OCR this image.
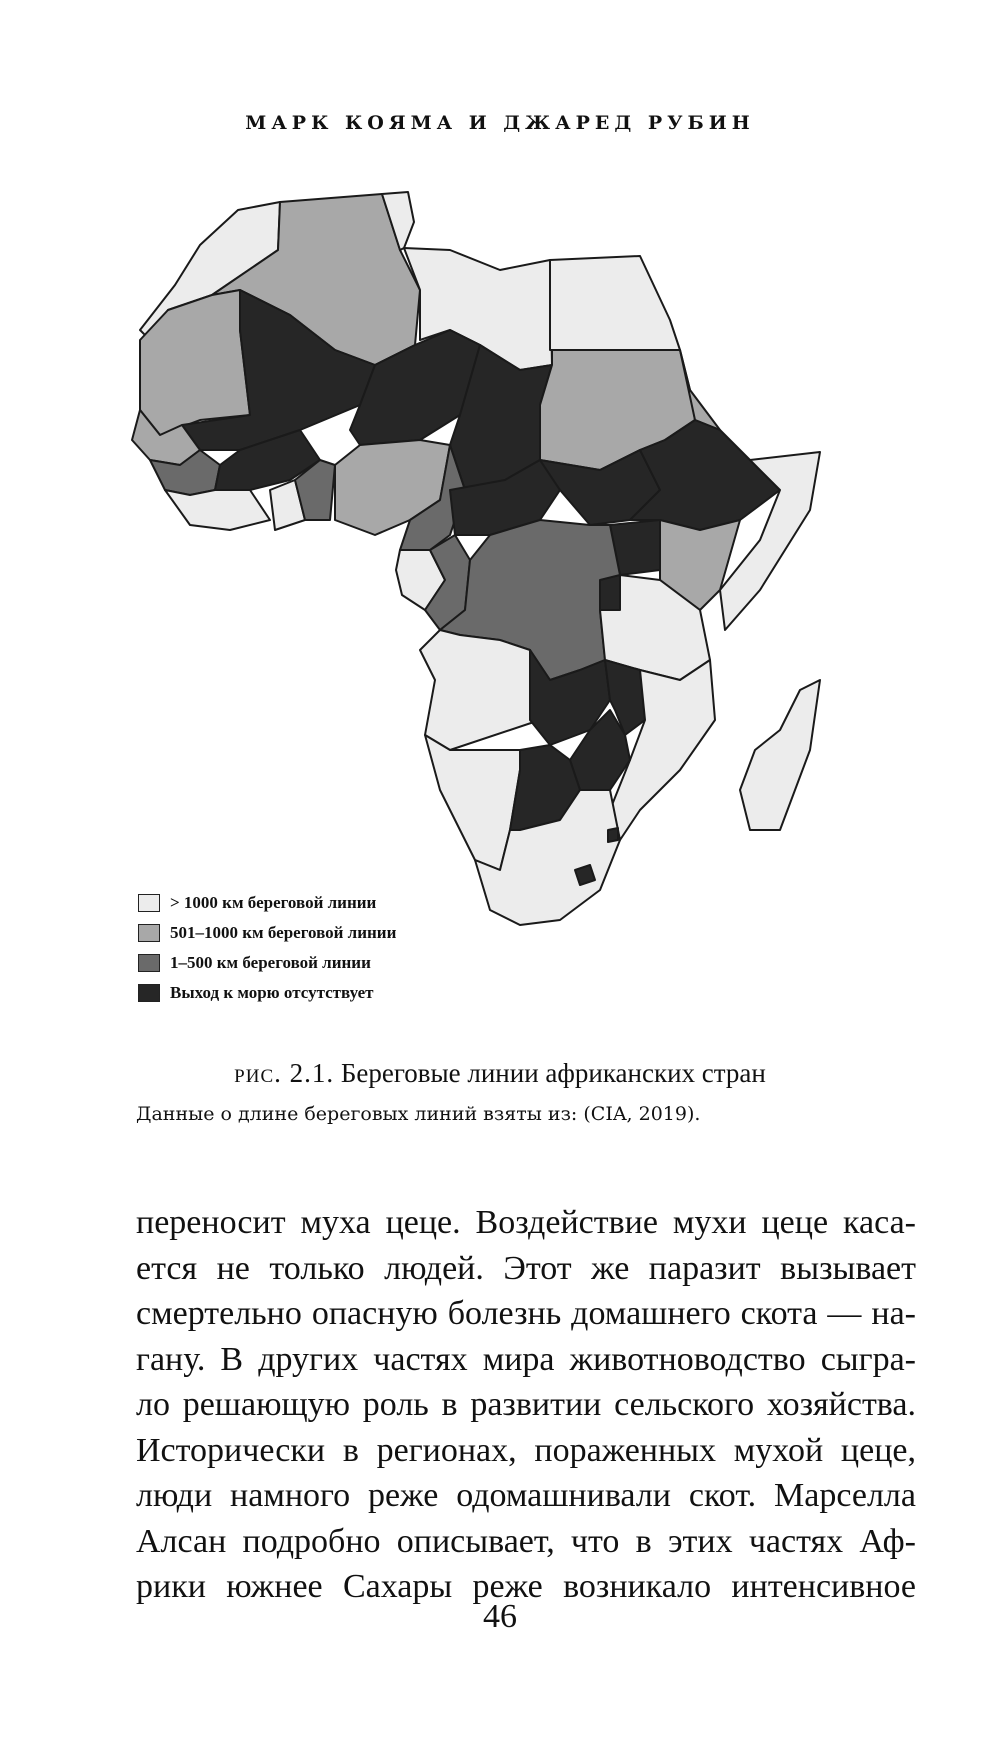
МАРК КОЯМА И ДЖАРЕД РУБИН
> 1000 км береговой линии
501–1000 км береговой линии
1–500 км береговой линии
Выход к морю отсутствует
рис. 2.1. Береговые линии африканских стран
Данные о длине береговых линий взяты из: (CIA, 2019).
переносит муха цеце. Воздействие мухи цеце каса-
ется не только людей. Этот же паразит вызывает
смертельно опасную болезнь домашнего скота — на-
гану. В других частях мира животноводство сыгра-
ло решающую роль в развитии сельского хозяйства.
Исторически в регионах, пораженных мухой цеце,
люди намного реже одомашнивали скот. Марселла
Алсан подробно описывает, что в этих частях Аф-
рики южнее Сахары реже возникало интенсивное
46
